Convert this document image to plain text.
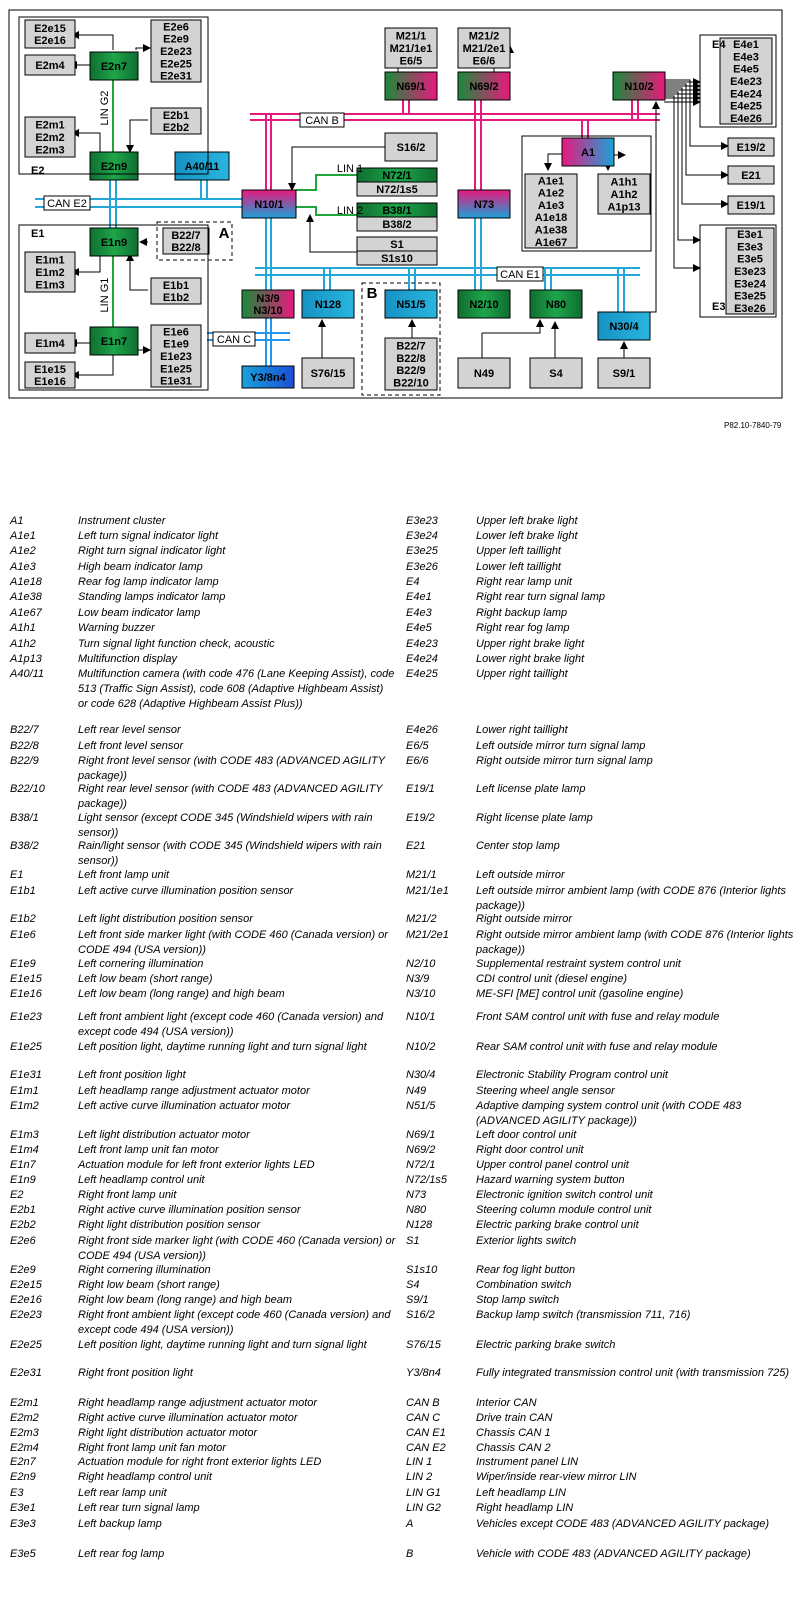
E2e15
E2e16
E2m4
E2e6
E2e9
E2e23
E2e25
E2e31
E2m1
E2m2
E2m3
E2b1
E2b2
E2n7
E2n9	A40/11
N10/1
B22/7
B22/8
E1n9
E1m1
E1m2
E1m3	E1b1
E1b2
E1m4	E1n7
E1e15
E1e16
E1e6
E1e9
E1e23
E1e25
E1e31
N3/9
N3/10
N128
Y3/8n4 S76/15
N51/5
B22/7
B22/8
B22/9
B22/10
M21/1
M21/1e1
E6/5
M21/2
M21/2e1
E6/6
N69/1	N69/2
S16/2
N72/1
N72/1s5
B38/1
B38/2
S1
S1s10
N73
A1
A1e1
A1e2
A1e3
A1e18
A1e38
A1e67
A1h1
A1h2
A1p13
N10/2
E4e1
E4e3
E4e5
E4e23
E4e24
E4e25
E4e26
E19/2
E21
E19/1
E3e1
E3e3
E3e5
E3e23
E3e24
E3e25
E3e26
N2/10	N80
N30/4
N49	S4	S9/1
E2
E1
E4
E3
A
B
CAN B
CAN E2
CAN E1
CAN C
LIN 1
LIN 2
LIN G2
LIN G1
P82.10-7840-79
A1	Instrument cluster
A1e1	Left turn signal indicator light
A1e2	Right turn signal indicator light
A1e3	High beam indicator lamp
A1e18	Rear fog lamp indicator lamp
A1e38	Standing lamps indicator lamp
A1e67	Low beam indicator lamp
A1h1	Warning buzzer
A1h2	Turn signal light function check, acoustic
A1p13	Multifunction display
A40/11	Multifunction camera (with code 476 (Lane Keeping Assist), code 513 (Traffic Sign Assist), code 608 (Adaptive Highbeam Assist) or code 628 (Adaptive Highbeam Assist Plus))
B22/7	Left rear level sensor
B22/8	Left front level sensor
B22/9	Right front level sensor (with CODE 483 (ADVANCED AGILITY package))
B22/10	Right rear level sensor (with CODE 483 (ADVANCED AGILITY package))
B38/1	Light sensor (except CODE 345 (Windshield wipers with rain sensor))
B38/2	Rain/light sensor (with CODE 345 (Windshield wipers with rain sensor))
E1	Left front lamp unit
E1b1	Left active curve illumination position sensor
E1b2	Left light distribution position sensor
E1e6	Left front side marker light (with CODE 460 (Canada version) or CODE 494 (USA version))
E1e9	Left cornering illumination
E1e15	Left low beam (short range)
E1e16	Left low beam (long range) and high beam
E1e23	Left front ambient light (except code 460 (Canada version) and except code 494 (USA version))
E1e25	Left position light, daytime running light and turn signal light
E1e31	Left front position light
E1m1	Left headlamp range adjustment actuator motor
E1m2	Left active curve illumination actuator motor
E1m3	Left light distribution actuator motor
E1m4	Left front lamp unit fan motor
E1n7	Actuation module for left front exterior lights LED
E1n9	Left headlamp control unit
E2	Right front lamp unit
E2b1	Right active curve illumination position sensor
E2b2	Right light distribution position sensor
E2e6	Right front side marker light (with CODE 460 (Canada version) or CODE 494 (USA version))
E2e9	Right cornering illumination
E2e15	Right low beam (short range)
E2e16	Right low beam (long range) and high beam
E2e23	Right front ambient light (except code 460 (Canada version) and except code 494 (USA version))
E2e25	Left position light, daytime running light and turn signal light
E2e31	Right front position light
E2m1	Right headlamp range adjustment actuator motor
E2m2	Right active curve illumination actuator motor
E2m3	Right light distribution actuator motor
E2m4	Right front lamp unit fan motor
E2n7	Actuation module for right front exterior lights LED
E2n9	Right headlamp control unit
E3	Left rear lamp unit
E3e1	Left rear turn signal lamp
E3e3	Left backup lamp
E3e5	Left rear fog lamp
E3e23	Upper left brake light
E3e24	Lower left brake light
E3e25	Upper left taillight
E3e26	Lower left taillight
E4	Right rear lamp unit
E4e1	Right rear turn signal lamp
E4e3	Right backup lamp
E4e5	Right rear fog lamp
E4e23	Upper right brake light
E4e24	Lower right brake light
E4e25	Upper right taillight
E4e26	Lower right taillight
E6/5	Left outside mirror turn signal lamp
E6/6	Right outside mirror turn signal lamp
E19/1	Left license plate lamp
E19/2	Right license plate lamp
E21	Center stop lamp
M21/1	Left outside mirror
M21/1e1	Left outside mirror ambient lamp (with CODE 876 (Interior lights package))
M21/2	Right outside mirror
M21/2e1	Right outside mirror ambient lamp (with CODE 876 (Interior lights package))
N2/10	Supplemental restraint system control unit
N3/9	CDI control unit (diesel engine)
N3/10	ME-SFI [ME] control unit (gasoline engine)
N10/1	Front SAM control unit with fuse and relay module
N10/2	Rear SAM control unit with fuse and relay module
N30/4	Electronic Stability Program control unit
N49	Steering wheel angle sensor
N51/5	Adaptive damping system control unit (with CODE 483 (ADVANCED AGILITY package))
N69/1	Left door control unit
N69/2	Right door control unit
N72/1	Upper control panel control unit
N72/1s5	Hazard warning system button
N73	Electronic ignition switch control unit
N80	Steering column module control unit
N128	Electric parking brake control unit
S1	Exterior lights switch
S1s10	Rear fog light button
S4	Combination switch
S9/1	Stop lamp switch
S16/2	Backup lamp switch (transmission 711, 716)
S76/15	Electric parking brake switch
Y3/8n4	Fully integrated transmission control unit (with transmission 725)
CAN B	Interior CAN
CAN C	Drive train CAN
CAN E1	Chassis CAN 1
CAN E2	Chassis CAN 2
LIN 1	Instrument panel LIN
LIN 2	Wiper/inside rear-view mirror LIN
LIN G1	Left headlamp LIN
LIN G2	Right headlamp LIN
A	Vehicles except CODE 483 (ADVANCED AGILITY package)
B	Vehicle with CODE 483 (ADVANCED AGILITY package)
